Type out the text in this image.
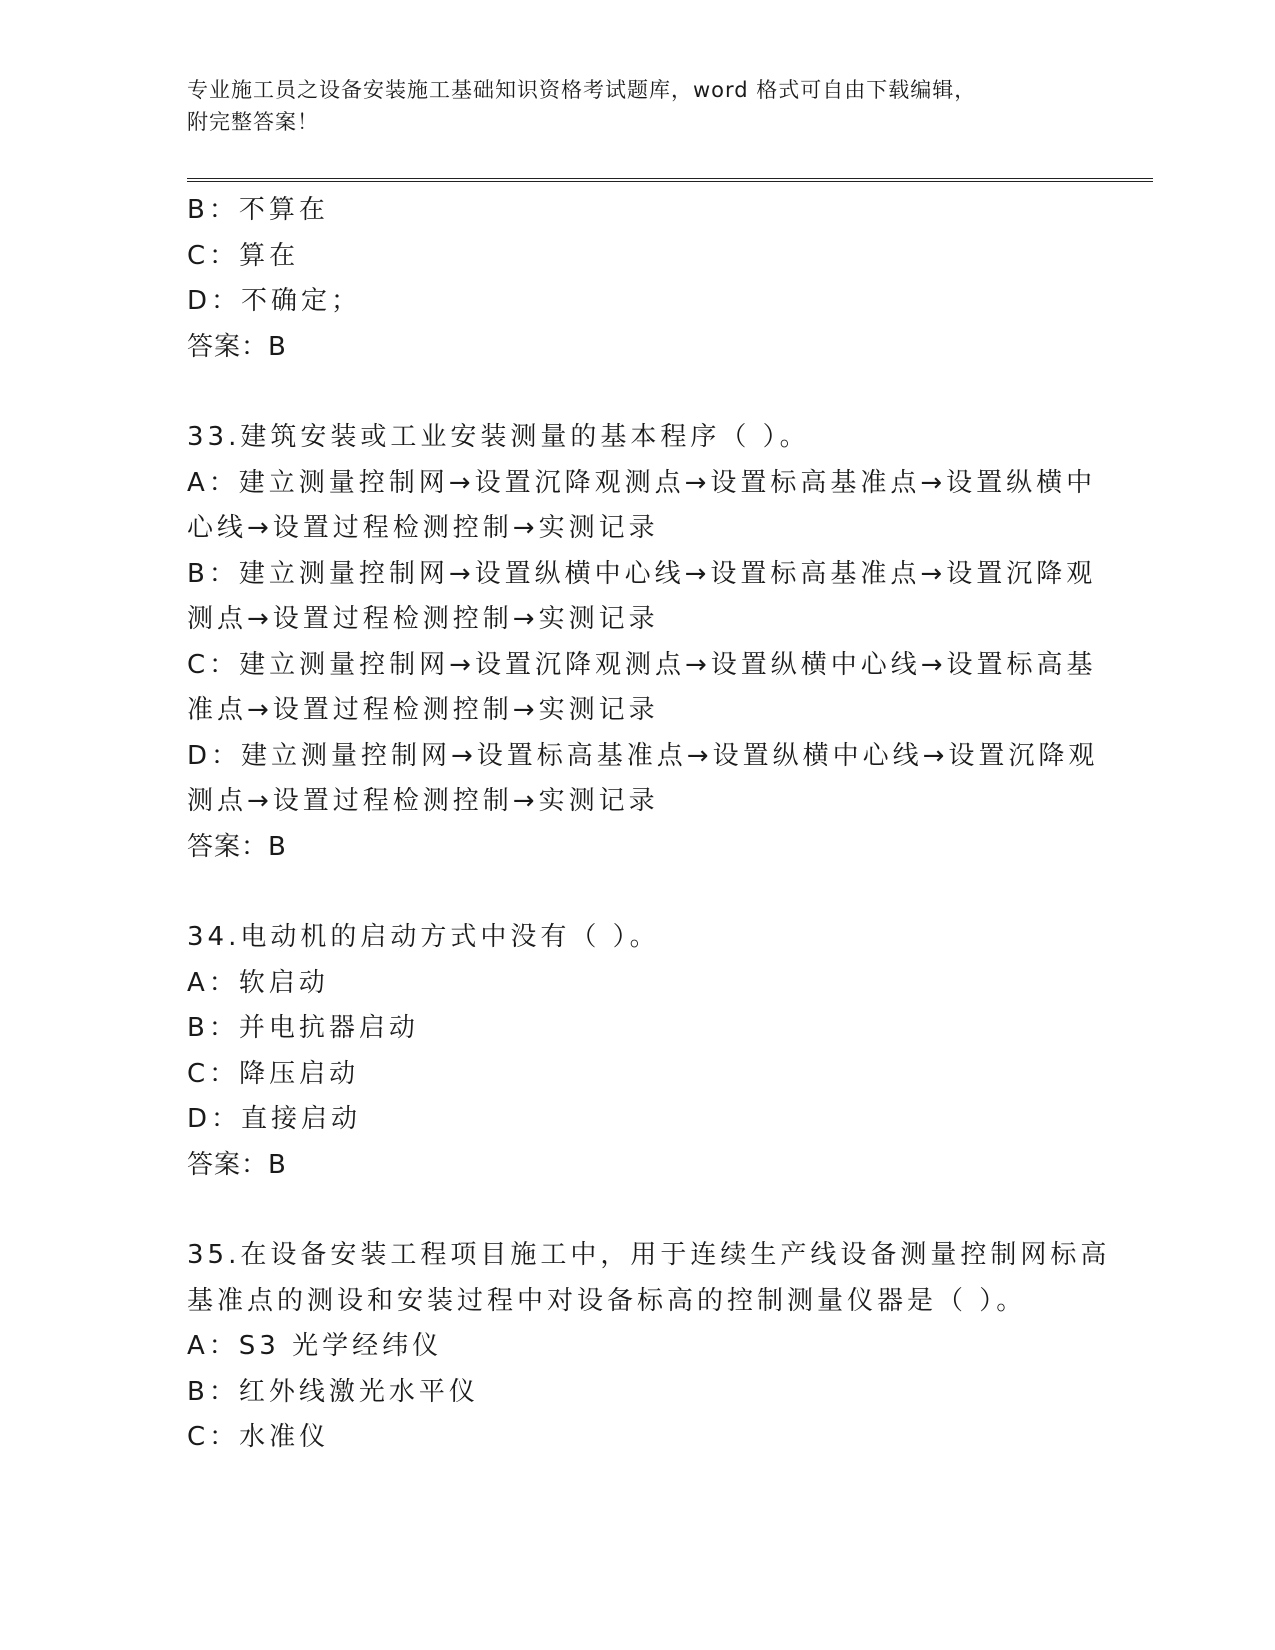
专业施工员之设备安装施工基础知识资格考试题库，word 格式可自由下载编辑，
附完整答案！
B：不算在
C：算在
D：不确定；
答案：B
33.建筑安装或工业安装测量的基本程序（ ）。
A：建立测量控制网→设置沉降观测点→设置标高基准点→设置纵横中
心线→设置过程检测控制→实测记录
B：建立测量控制网→设置纵横中心线→设置标高基准点→设置沉降观
测点→设置过程检测控制→实测记录
C：建立测量控制网→设置沉降观测点→设置纵横中心线→设置标高基
准点→设置过程检测控制→实测记录
D：建立测量控制网→设置标高基准点→设置纵横中心线→设置沉降观
测点→设置过程检测控制→实测记录
答案：B
34.电动机的启动方式中没有（ ）。
A：软启动
B：并电抗器启动
C：降压启动
D：直接启动
答案：B
35.在设备安装工程项目施工中，用于连续生产线设备测量控制网标高
基准点的测设和安装过程中对设备标高的控制测量仪器是（ ）。
A：S3 光学经纬仪
B：红外线激光水平仪
C：水准仪
